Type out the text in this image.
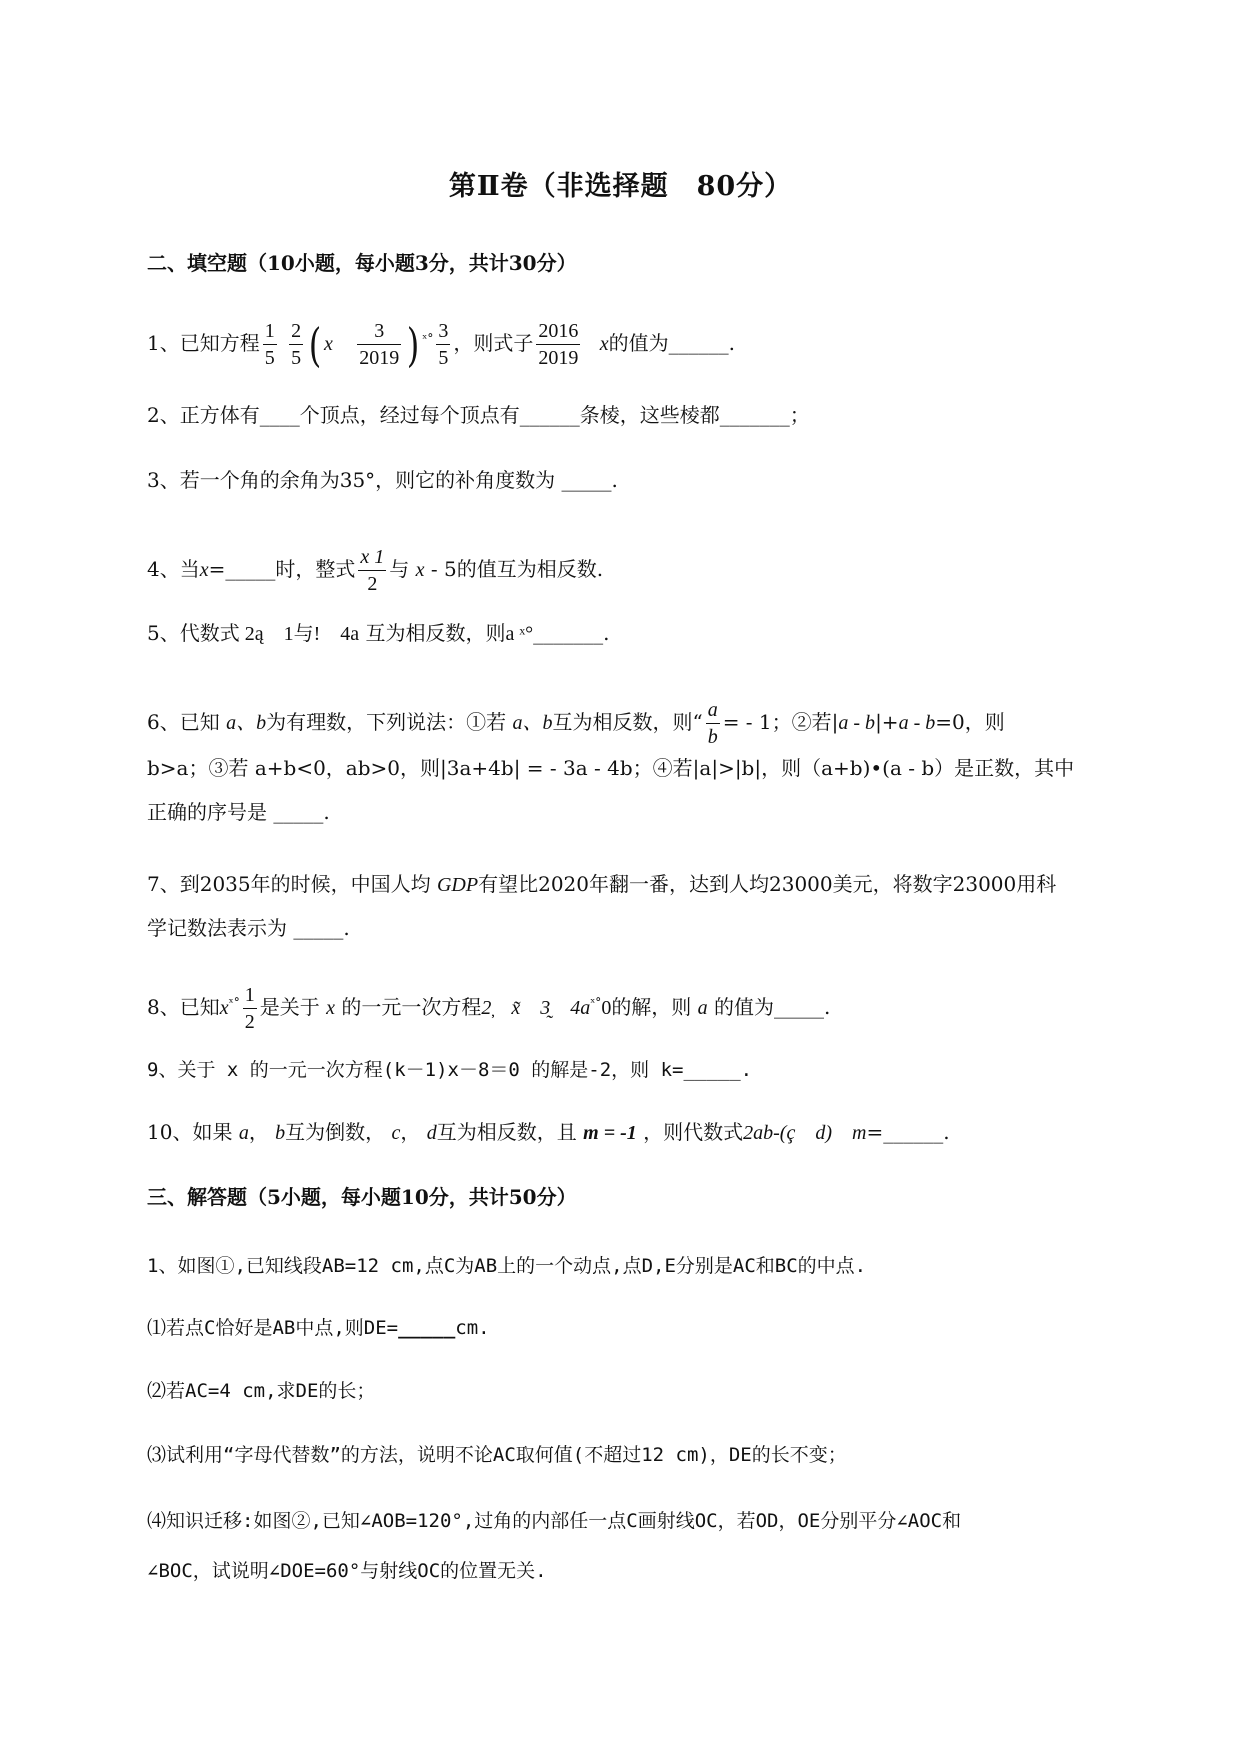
第Ⅱ卷（非选择题　80分）
二、填空题（10小题，每小题3分，共计30分）
1、已知方程 $\frac{1}{5}$
$\frac{2}{5}$ ( x $\frac{3}{2019}$ ) $^{ˣ^\circ} \frac{3}{5}$ ，则式子 $\frac{2016}{2019}$ x的值为______.
2、正方体有____个顶点，经过每个顶点有______条棱，这些棱都_______；
3、若一个角的余角为35°，则它的补角度数为 _____.
4、当x=_____时，整式 $\frac{x 1}{2}$ 与 x - 5的值互为相反数.
5、代数式 2ą　1与ǃ　4a 互为相反数，则a ˣ°_______.
6、已知 a、b为有理数，下列说法：①若 a、b互为相反数，则“ $\frac{a}{b}$ = - 1；②若|a - b|+a - b=0，则
b>a；③若 a+b<0，ab>0，则|3a+4b| = - 3a - 4b；④若|a|>|b|，则（a+b)•(a - b）是正数，其中
正确的序号是 _____.
7、到2035年的时候，中国人均 GDP有望比2020年翻一番，达到人均23000美元，将数字23000用科
学记数法表示为 _____.
8、已知$x^{ˣ^\circ} \frac{1}{2}$ 是关于 x 的一元一次方程2̦　x̃　3̰　$4a^{ˣ^\circ}0$的解，则 a 的值为_____.
9、关于 x 的一元一次方程(k－1)x－8＝0 的解是-2，则 k=_____.
10、如果 a， b互为倒数， c， d互为相反数，且 m = -1 ，则代数式2ab-(ç　d)　m=______.
三、解答题（5小题，每小题10分，共计50分）
1、如图①,已知线段AB=12 cm,点C为AB上的一个动点,点D,E分别是AC和BC的中点.
⑴若点C恰好是AB中点,则DE=_____cm.
⑵若AC=4 cm,求DE的长；
⑶试利用“字母代替数”的方法，说明不论AC取何值(不超过12 cm)，DE的长不变；
⑷知识迁移:如图②,已知∠AOB=120°,过角的内部任一点C画射线OC，若OD，OE分别平分∠AOC和
∠BOC，试说明∠DOE=60°与射线OC的位置无关.
